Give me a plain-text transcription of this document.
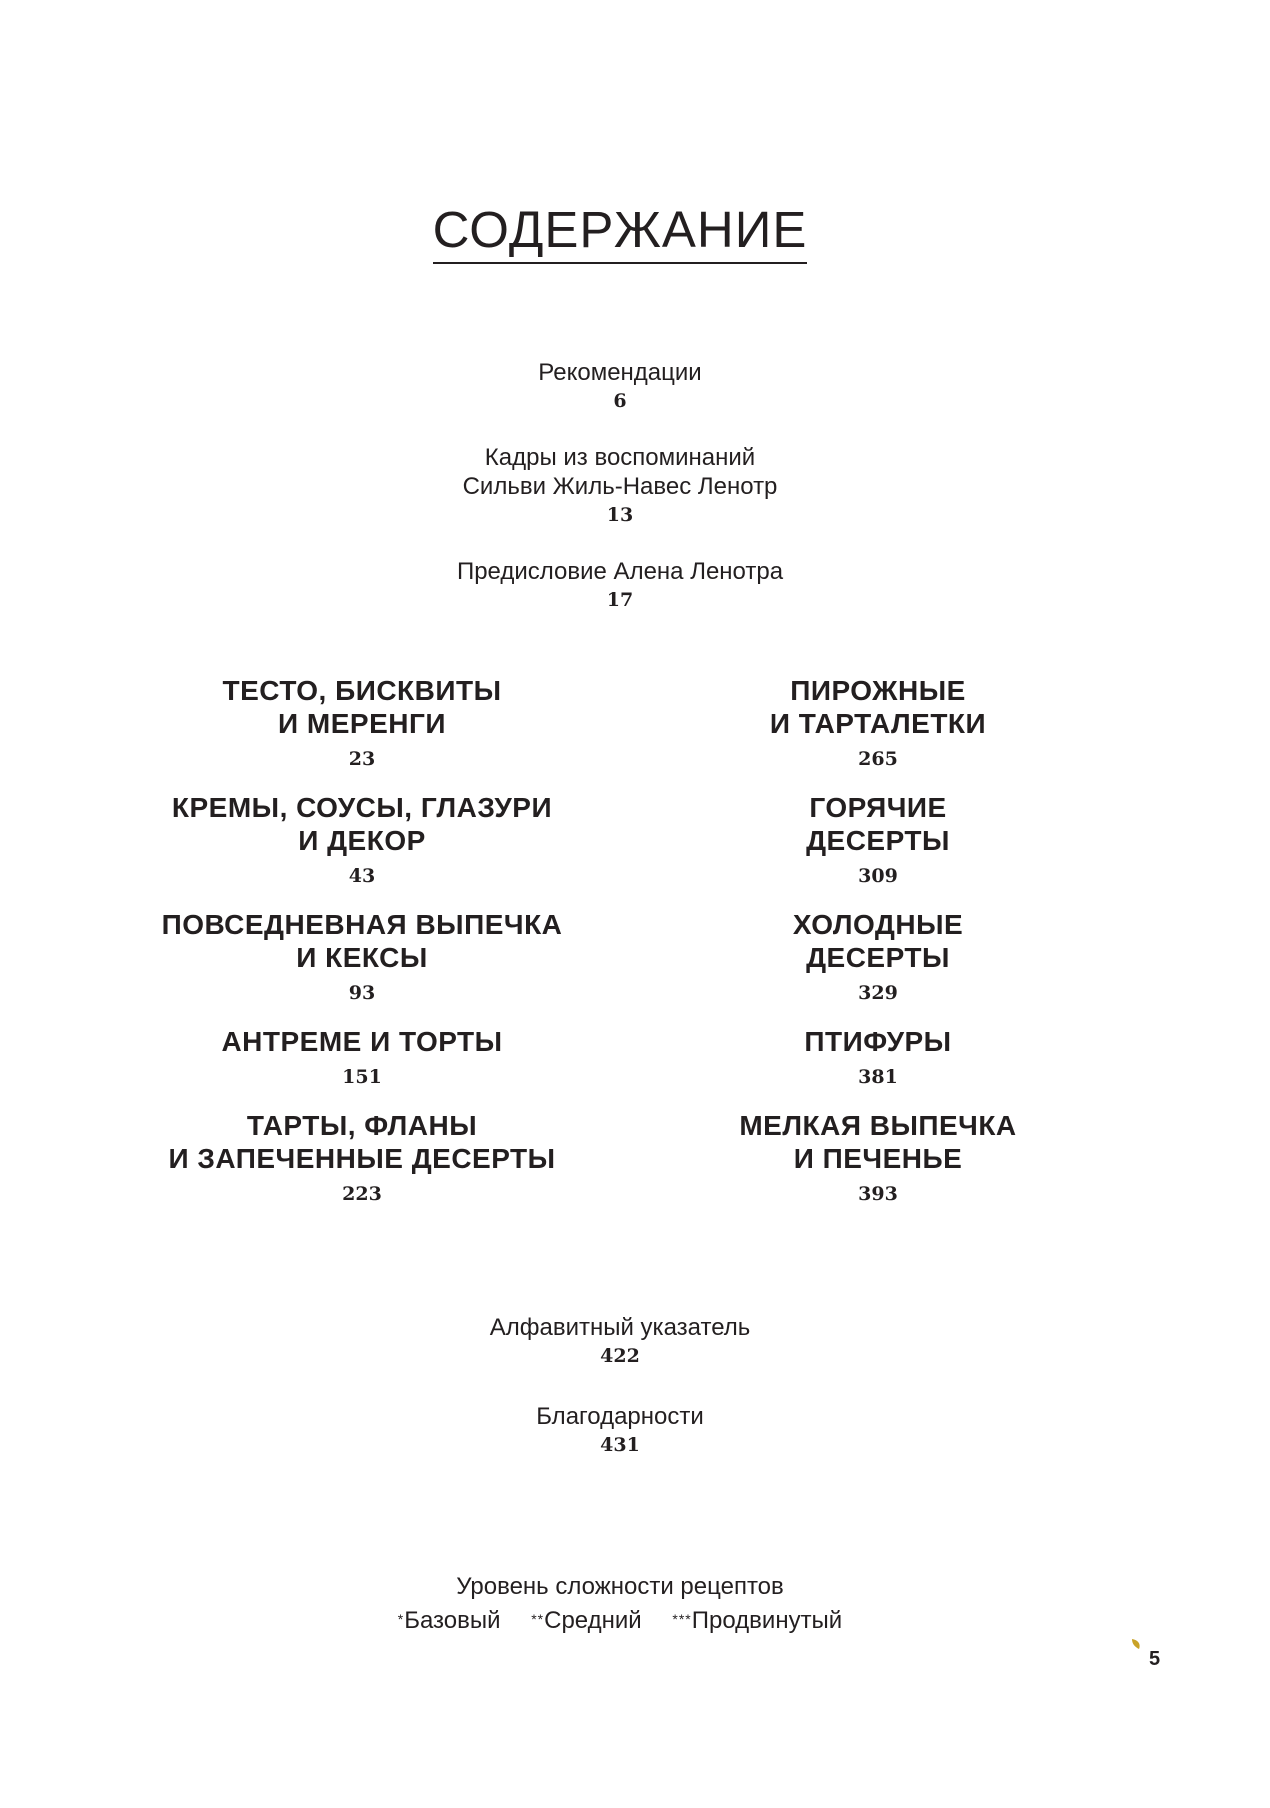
СОДЕРЖАНИЕ
Рекомендации
6
Кадры из воспоминаний
Сильви Жиль-Навес Ленотр
13
Предисловие Алена Ленотра
17
ТЕСТО, БИСКВИТЫ
И МЕРЕНГИ
23
КРЕМЫ, СОУСЫ, ГЛАЗУРИ
И ДЕКОР
43
ПОВСЕДНЕВНАЯ ВЫПЕЧКА
И КЕКСЫ
93
АНТРЕМЕ И ТОРТЫ
151
ТАРТЫ, ФЛАНЫ
И ЗАПЕЧЕННЫЕ ДЕСЕРТЫ
223
ПИРОЖНЫЕ
И ТАРТАЛЕТКИ
265
ГОРЯЧИЕ
ДЕСЕРТЫ
309
ХОЛОДНЫЕ
ДЕСЕРТЫ
329
ПТИФУРЫ
381
МЕЛКАЯ ВЫПЕЧКА
И ПЕЧЕНЬЕ
393
Алфавитный указатель
422
Благодарности
431
Уровень сложности рецептов
*Базовый **Средний ***Продвинутый
5
